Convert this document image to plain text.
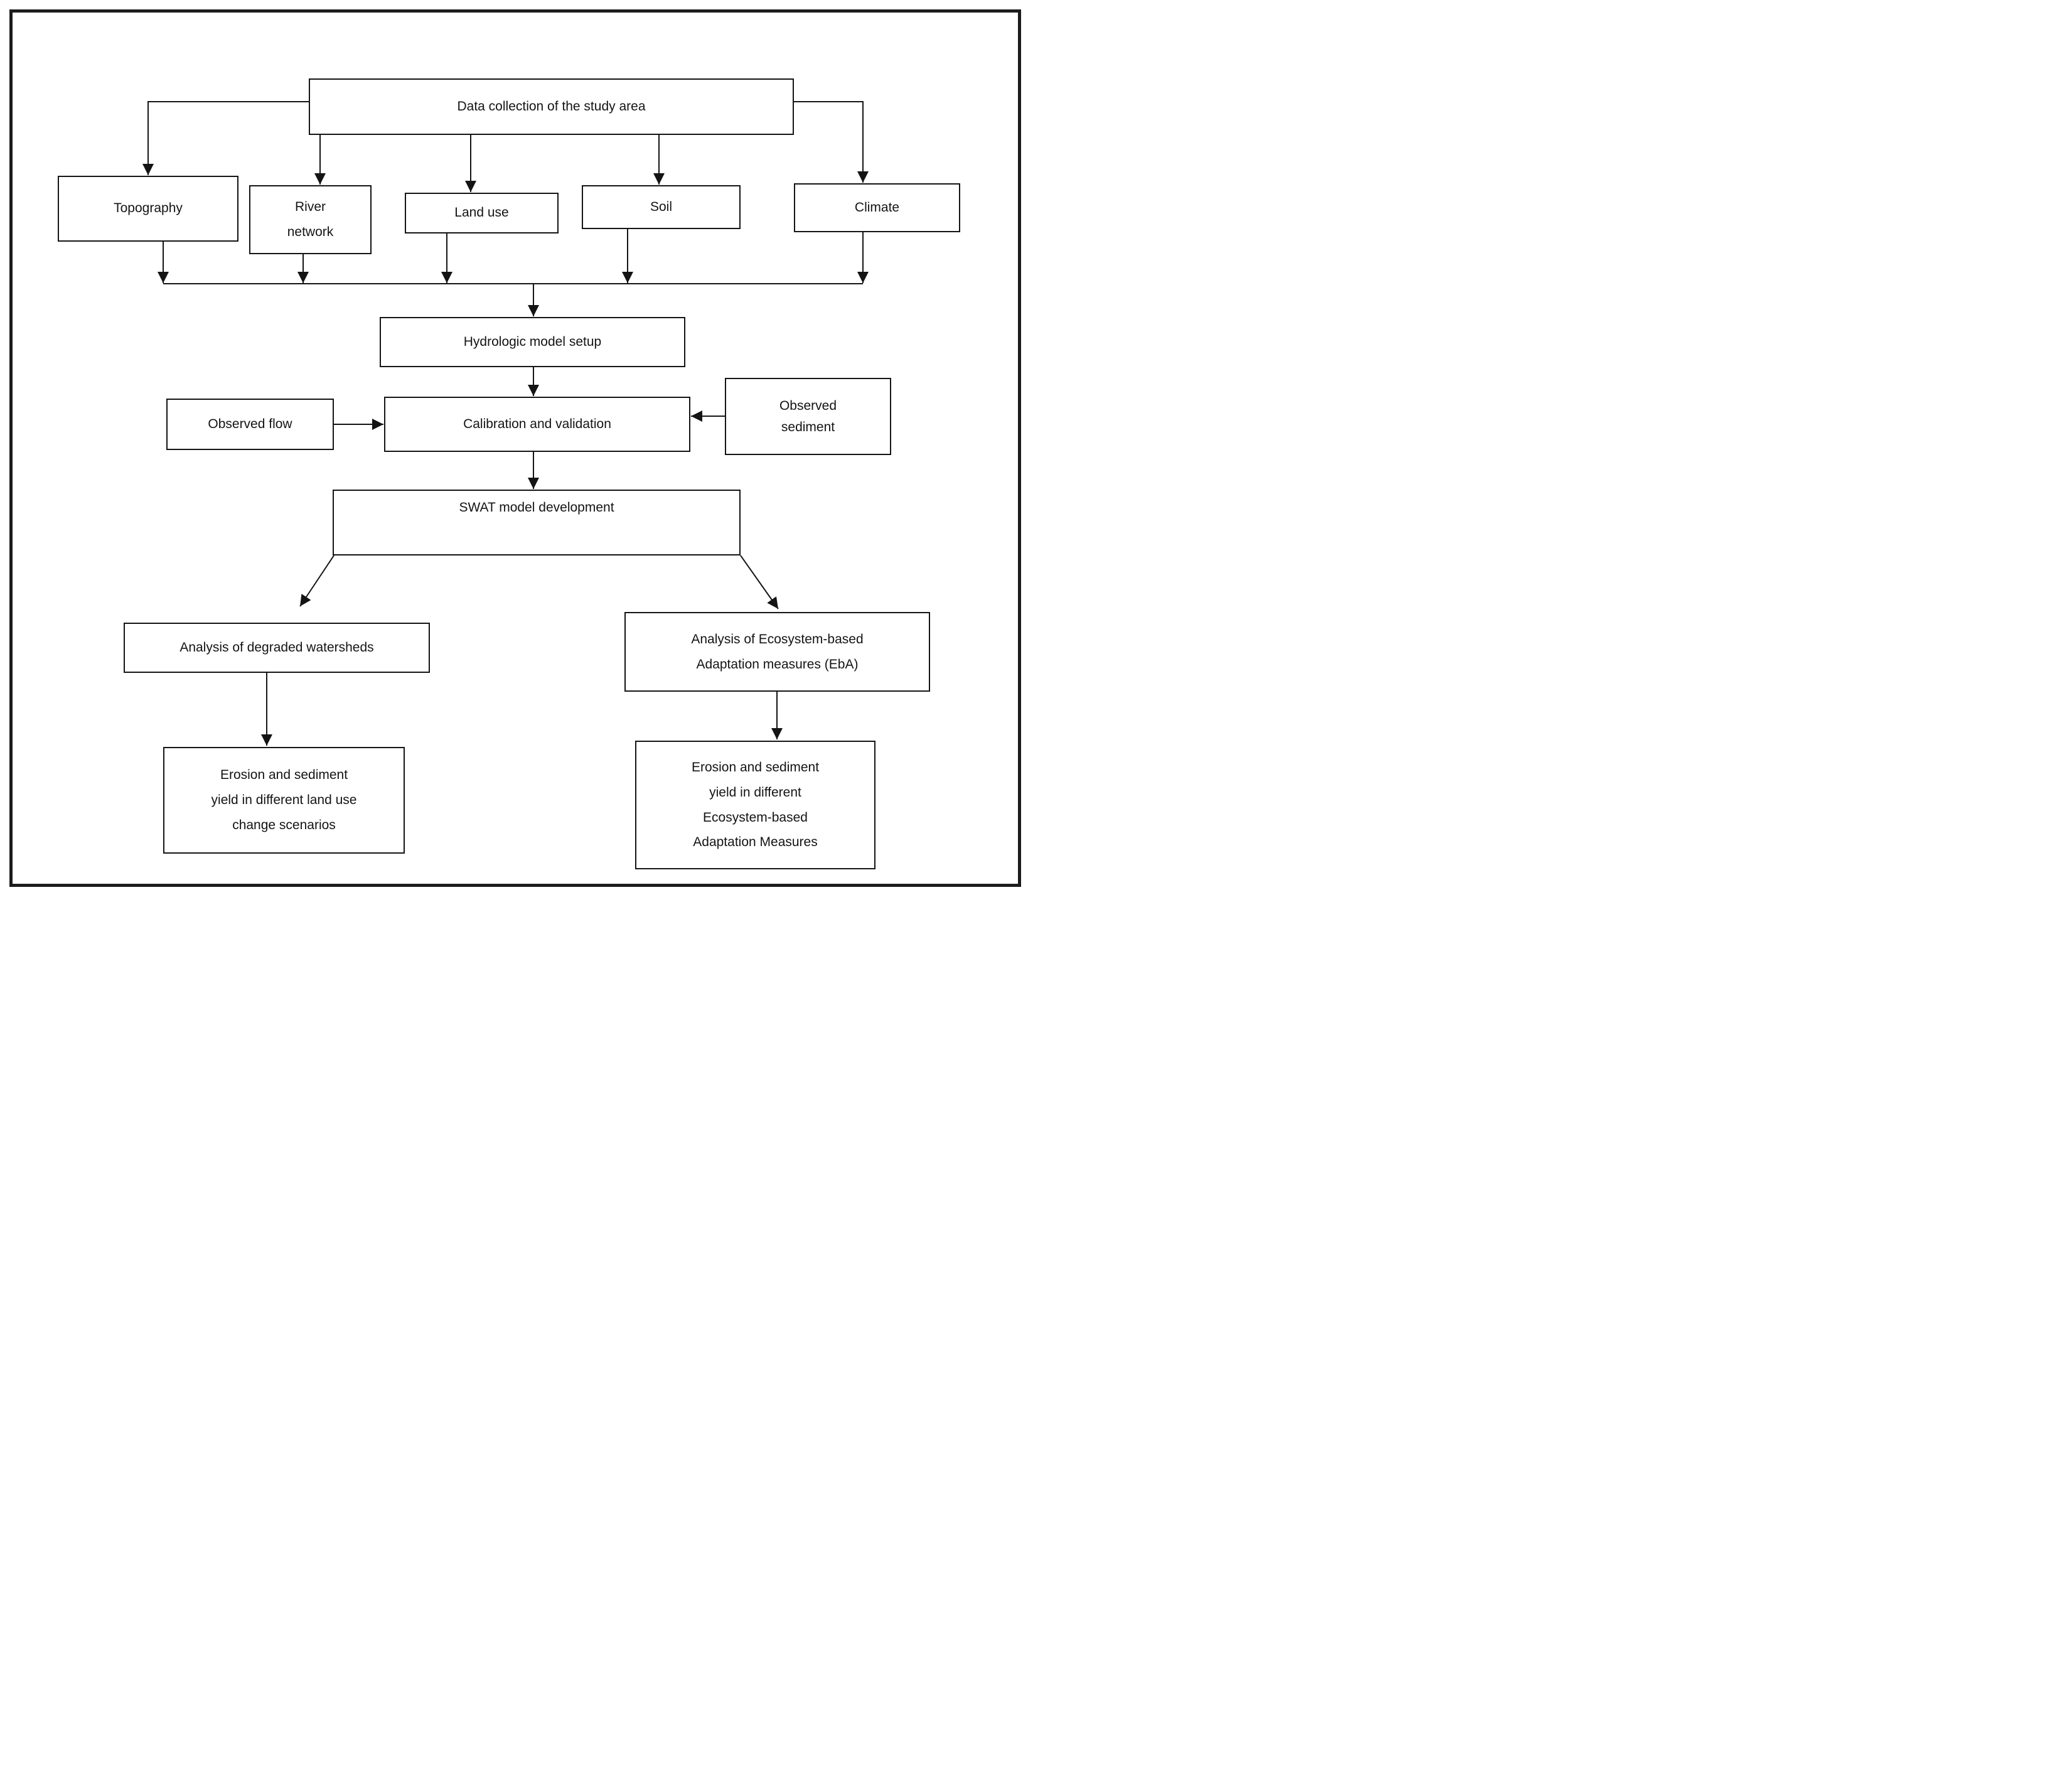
Data collection of the study area
Topography	River network
Land use	Soil	Climate
Hydrologic model setup
Observed flow	Calibration and validation
Observed sediment
SWAT model development
Analysis of degraded watersheds
Analysis of Ecosystem-based Adaptation measures (EbA)
Erosion and sediment yield in different land use change scenarios
Erosion and sediment yield in different Ecosystem-based Adaptation Measures
